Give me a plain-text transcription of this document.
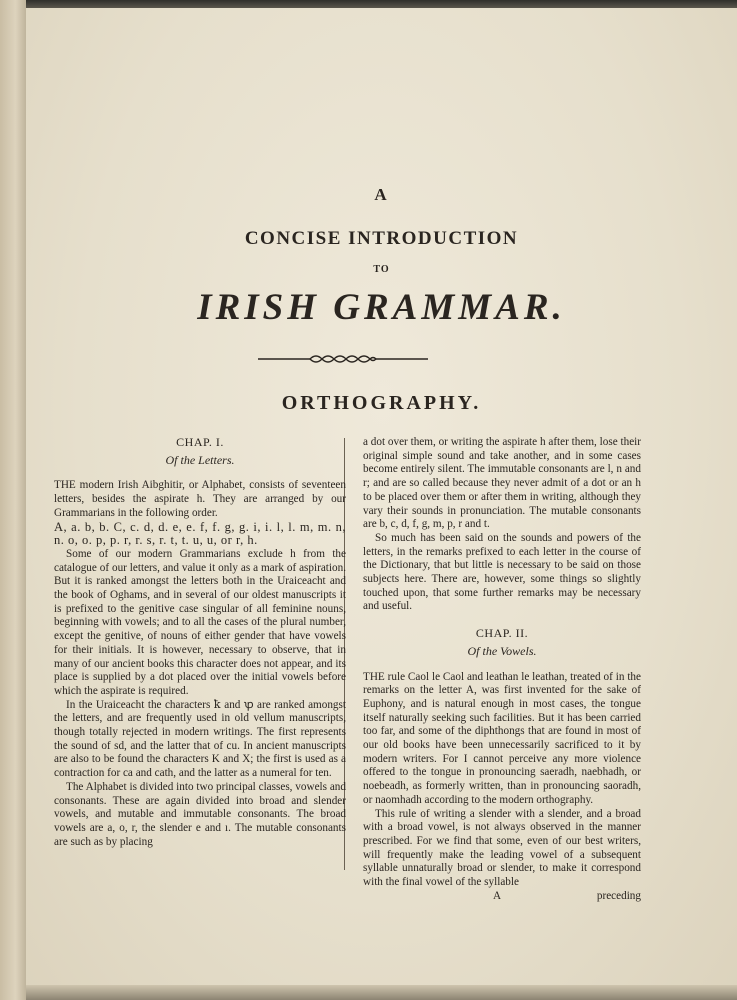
A
CONCISE INTRODUCTION
TO
IRISH GRAMMAR.
ORTHOGRAPHY.
CHAP. I.
Of the Letters.

THE modern Irish Aibghitir, or Alphabet, consists of seventeen letters, besides the aspirate h. They are arranged by our Grammarians in the following order.

A, a. b, b. C, c. d, d. e, e. f, f. g, g. i, i. l, l. m, m. n, n. o, o. p, p. r, r. s, r. t, t. u, u, or r, h.

Some of our modern Grammarians exclude h from the catalogue of our letters, and value it only as a mark of aspiration. But it is ranked amongst the letters both in the Uraiceacht and the book of Oghams, and in several of our oldest manuscripts it is prefixed to the genitive case singular of all feminine nouns, beginning with vowels; and to all the cases of the plural number, except the genitive, of nouns of either gender that have vowels for their initials. It is however, necessary to observe, that in many of our ancient books this character does not appear, and its place is supplied by a dot placed over the initial vowels before which the aspirate is required.

In the Uraiceacht the characters ꝁ and ꝕ are ranked amongst the letters, and are frequently used in old vellum manuscripts, though totally rejected in modern writings. The first represents the sound of sd, and the latter that of cu. In ancient manuscripts are also to be found the characters K and X; the first is used as a contraction for ca and cath, and the latter as a numeral for ten.

The Alphabet is divided into two principal classes, vowels and consonants. These are again divided into broad and slender vowels, and mutable and immutable consonants. The broad vowels are a, o, r, the slender e and ı. The mutable consonants are such as by placing

a dot over them, or writing the aspirate h after them, lose their original simple sound and take another, and in some cases become entirely silent. The immutable consonants are l, n and r; and are so called because they never admit of a dot or an h to be placed over them or after them in writing, although they vary their sounds in pronunciation. The mutable consonants are b, c, d, f, g, m, p, r and t.

So much has been said on the sounds and powers of the letters, in the remarks prefixed to each letter in the course of the Dictionary, that but little is necessary to be said on those subjects here. There are, however, some things so slightly touched upon, that some further remarks may be necessary and useful.

CHAP. II.
Of the Vowels.

THE rule Caol le Caol and leathan le leathan, treated of in the remarks on the letter A, was first invented for the sake of Euphony, and is natural enough in most cases, the tongue itself naturally seeking such facilities. But it has been carried too far, and some of the diphthongs that are found in most of our old books have been unnecessarily sacrificed to it by modern writers. For I cannot perceive any more violence offered to the tongue in pronouncing saeradh, naebhadh, or noebeadh, as formerly written, than in pronouncing saoradh, or naomhadh according to the modern orthography.

This rule of writing a slender with a slender, and a broad with a broad vowel, is not always observed in the manner prescribed. For we find that some, even of our best writers, will frequently make the leading vowel of a subsequent syllable unnaturally broad or slender, to make it correspond with the final vowel of the syllable

A	preceding
